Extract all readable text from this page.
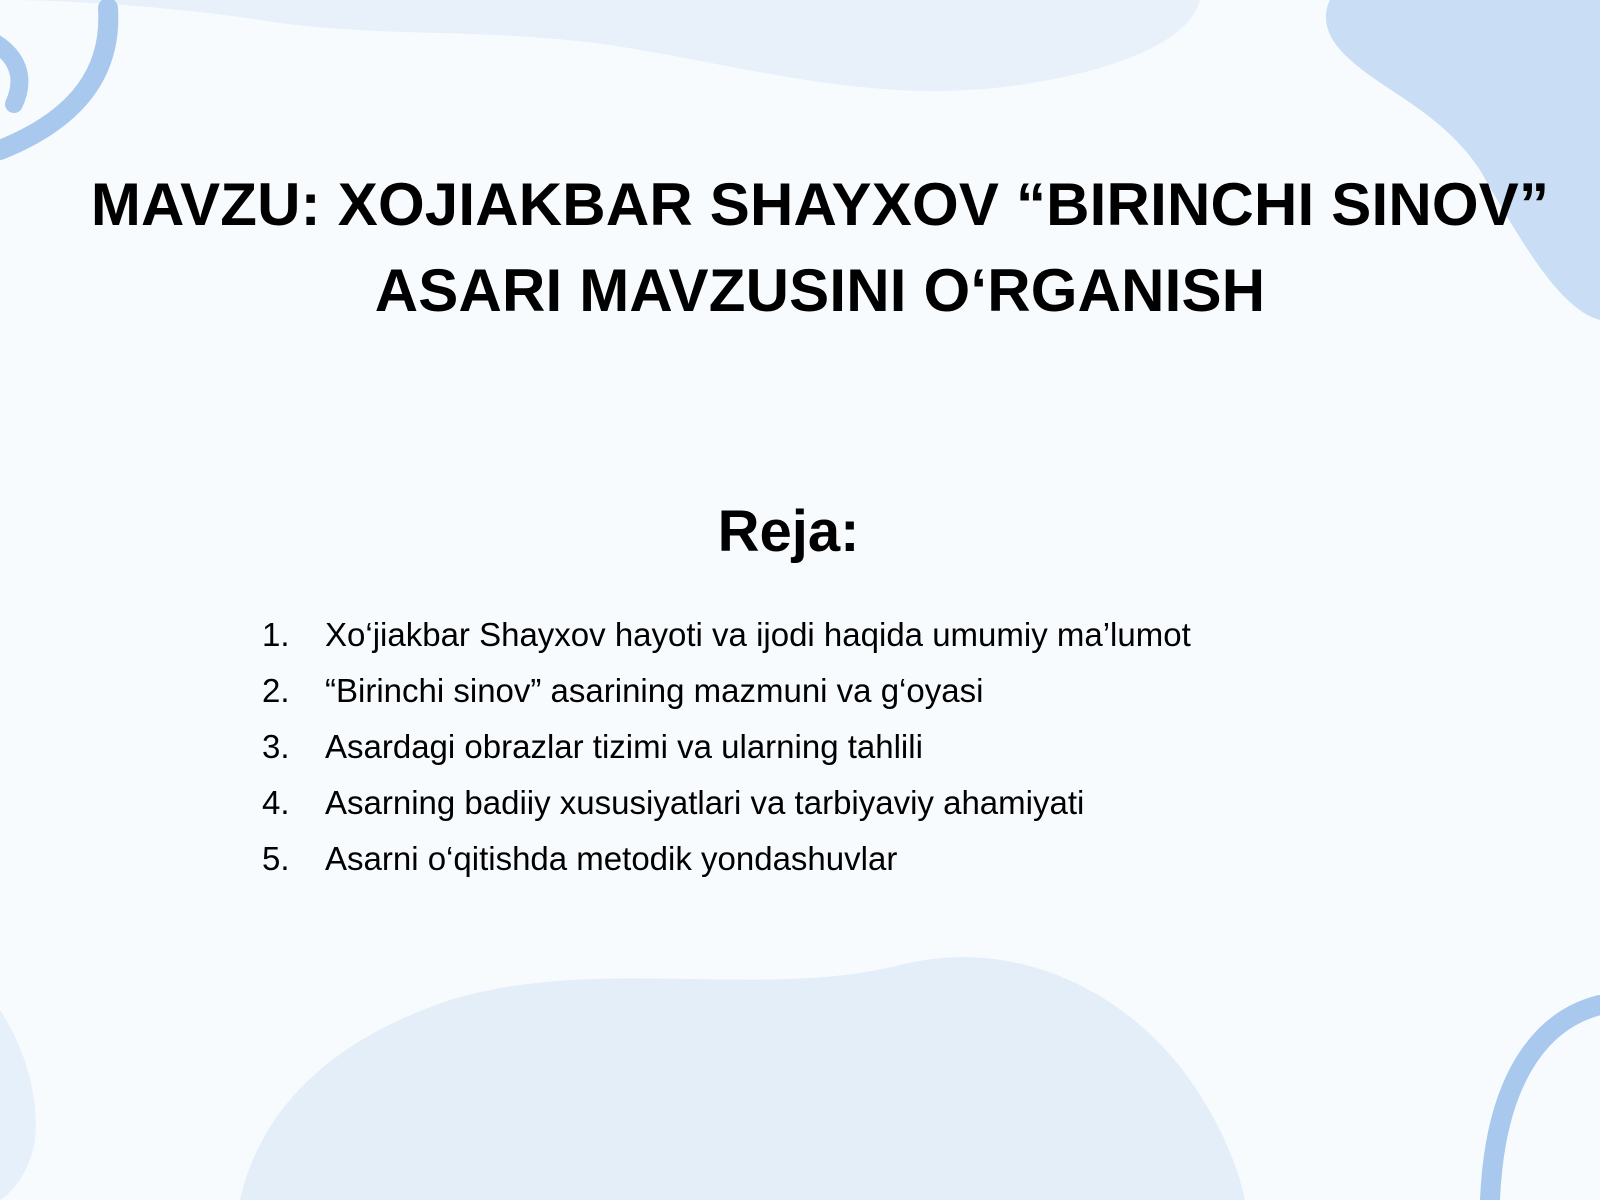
MAVZU: XOJIAKBAR SHAYXOV “BIRINCHI SINOV”
ASARI MAVZUSINI O‘RGANISH
Reja:
1.	Xo‘jiakbar Shayxov hayoti va ijodi haqida umumiy ma’lumot
2.	“Birinchi sinov” asarining mazmuni va g‘oyasi
3.	Asardagi obrazlar tizimi va ularning tahlili
4.	Asarning badiiy xususiyatlari va tarbiyaviy ahamiyati
5.	Asarni o‘qitishda metodik yondashuvlar
